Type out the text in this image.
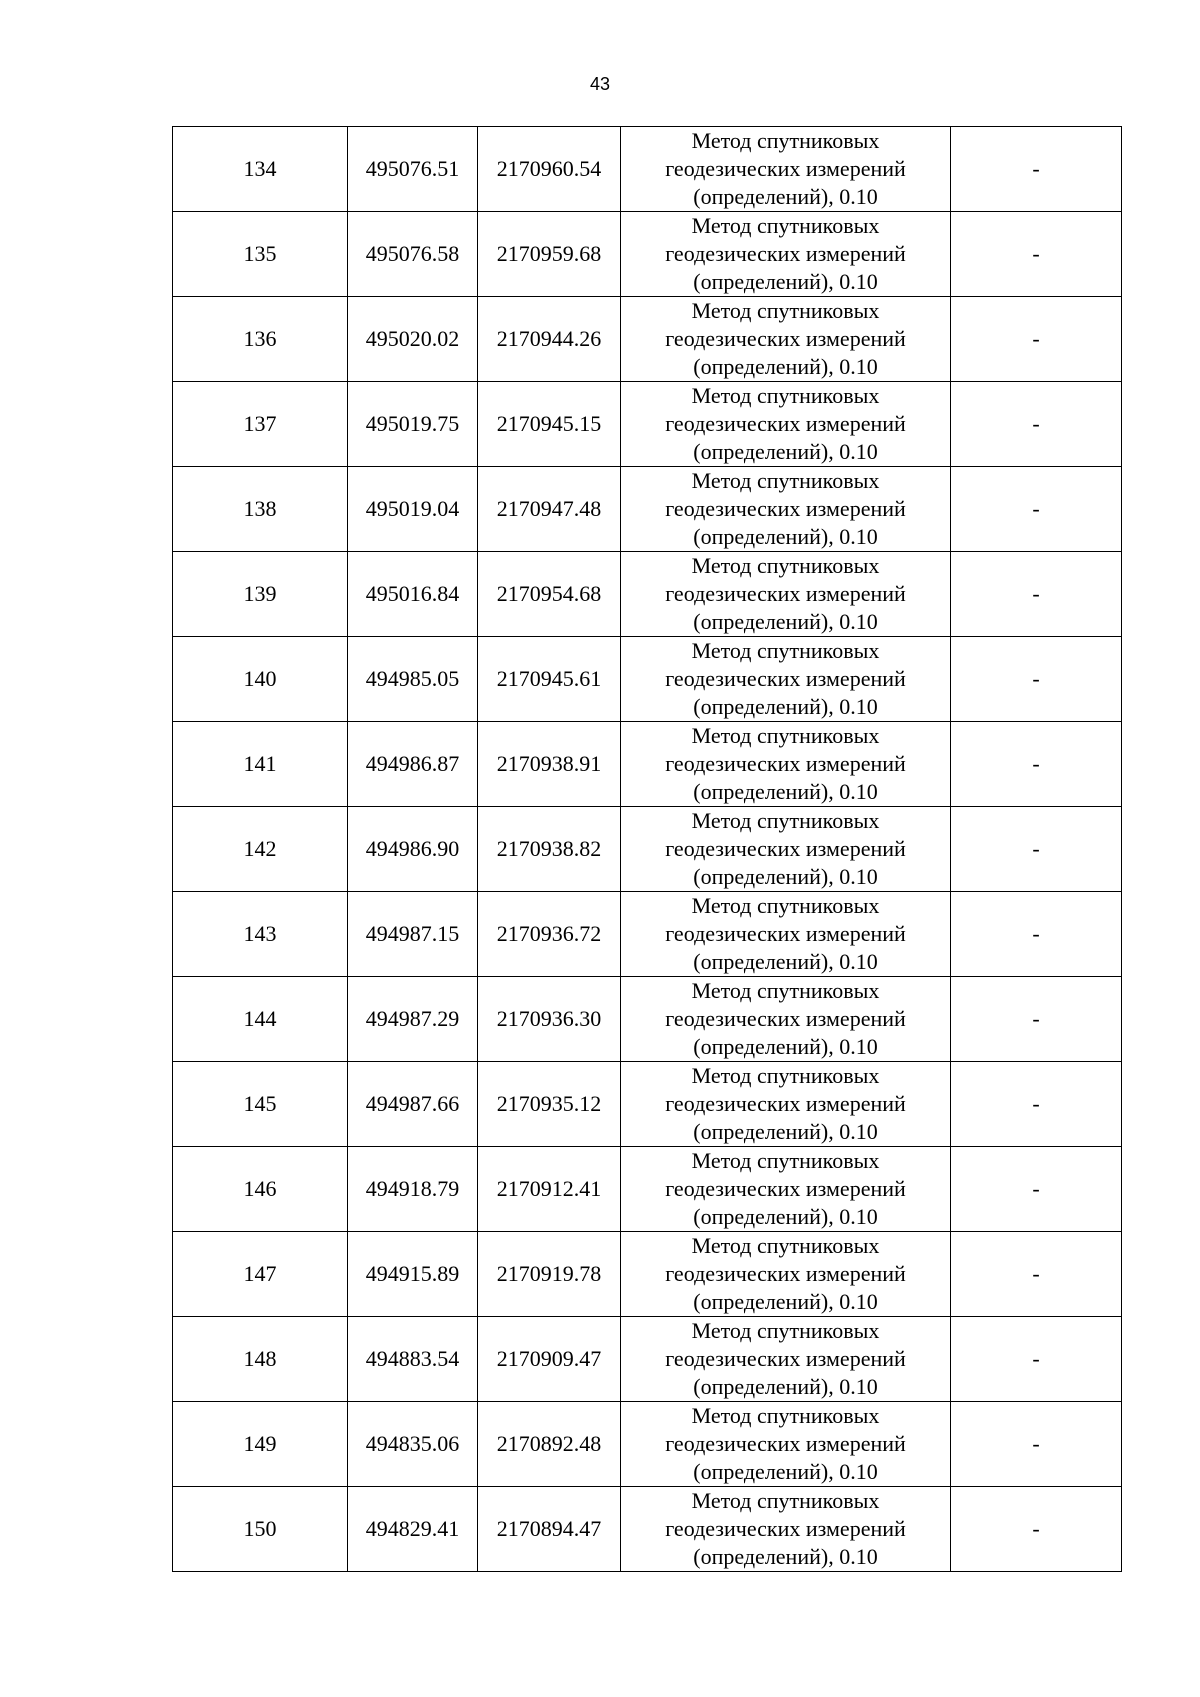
43
134	495076.51	2170960.54	Метод спутниковых
геодезических измерений
(определений), 0.10	-
135	495076.58	2170959.68	Метод спутниковых
геодезических измерений
(определений), 0.10	-
136	495020.02	2170944.26	Метод спутниковых
геодезических измерений
(определений), 0.10	-
137	495019.75	2170945.15	Метод спутниковых
геодезических измерений
(определений), 0.10	-
138	495019.04	2170947.48	Метод спутниковых
геодезических измерений
(определений), 0.10	-
139	495016.84	2170954.68	Метод спутниковых
геодезических измерений
(определений), 0.10	-
140	494985.05	2170945.61	Метод спутниковых
геодезических измерений
(определений), 0.10	-
141	494986.87	2170938.91	Метод спутниковых
геодезических измерений
(определений), 0.10	-
142	494986.90	2170938.82	Метод спутниковых
геодезических измерений
(определений), 0.10	-
143	494987.15	2170936.72	Метод спутниковых
геодезических измерений
(определений), 0.10	-
144	494987.29	2170936.30	Метод спутниковых
геодезических измерений
(определений), 0.10	-
145	494987.66	2170935.12	Метод спутниковых
геодезических измерений
(определений), 0.10	-
146	494918.79	2170912.41	Метод спутниковых
геодезических измерений
(определений), 0.10	-
147	494915.89	2170919.78	Метод спутниковых
геодезических измерений
(определений), 0.10	-
148	494883.54	2170909.47	Метод спутниковых
геодезических измерений
(определений), 0.10	-
149	494835.06	2170892.48	Метод спутниковых
геодезических измерений
(определений), 0.10	-
150	494829.41	2170894.47	Метод спутниковых
геодезических измерений
(определений), 0.10	-
